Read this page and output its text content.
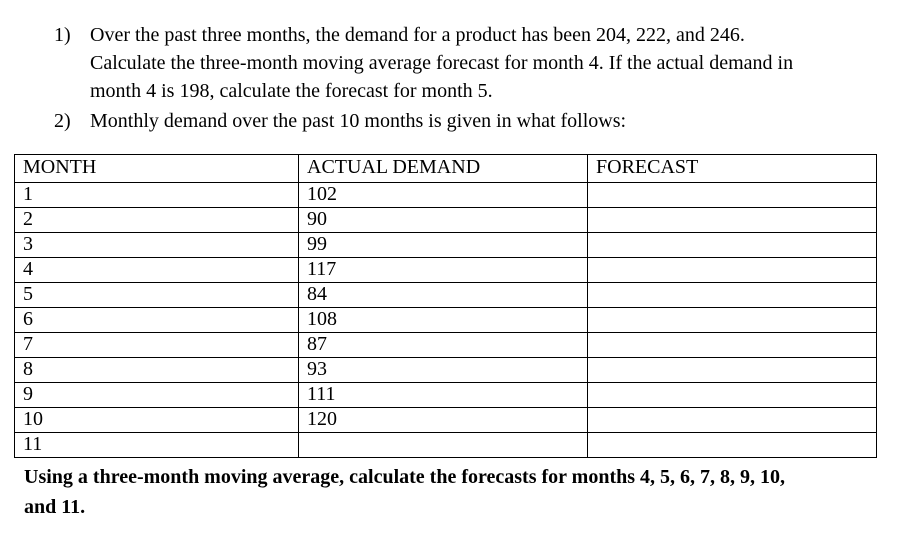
1) Over the past three months, the demand for a product has been 204, 222, and 246.
Calculate the three-month moving average forecast for month 4. If the actual demand in
month 4 is 198, calculate the forecast for month 5.
2) Monthly demand over the past 10 months is given in what follows:
MONTH	ACTUAL DEMAND	FORECAST
1	102	
2	90	
3	99	
4	117	
5	84	
6	108	
7	87	
8	93	
9	111	
10	120	
11		
Using a three-month moving average, calculate the forecasts for months 4, 5, 6, 7, 8, 9, 10,
and 11.
